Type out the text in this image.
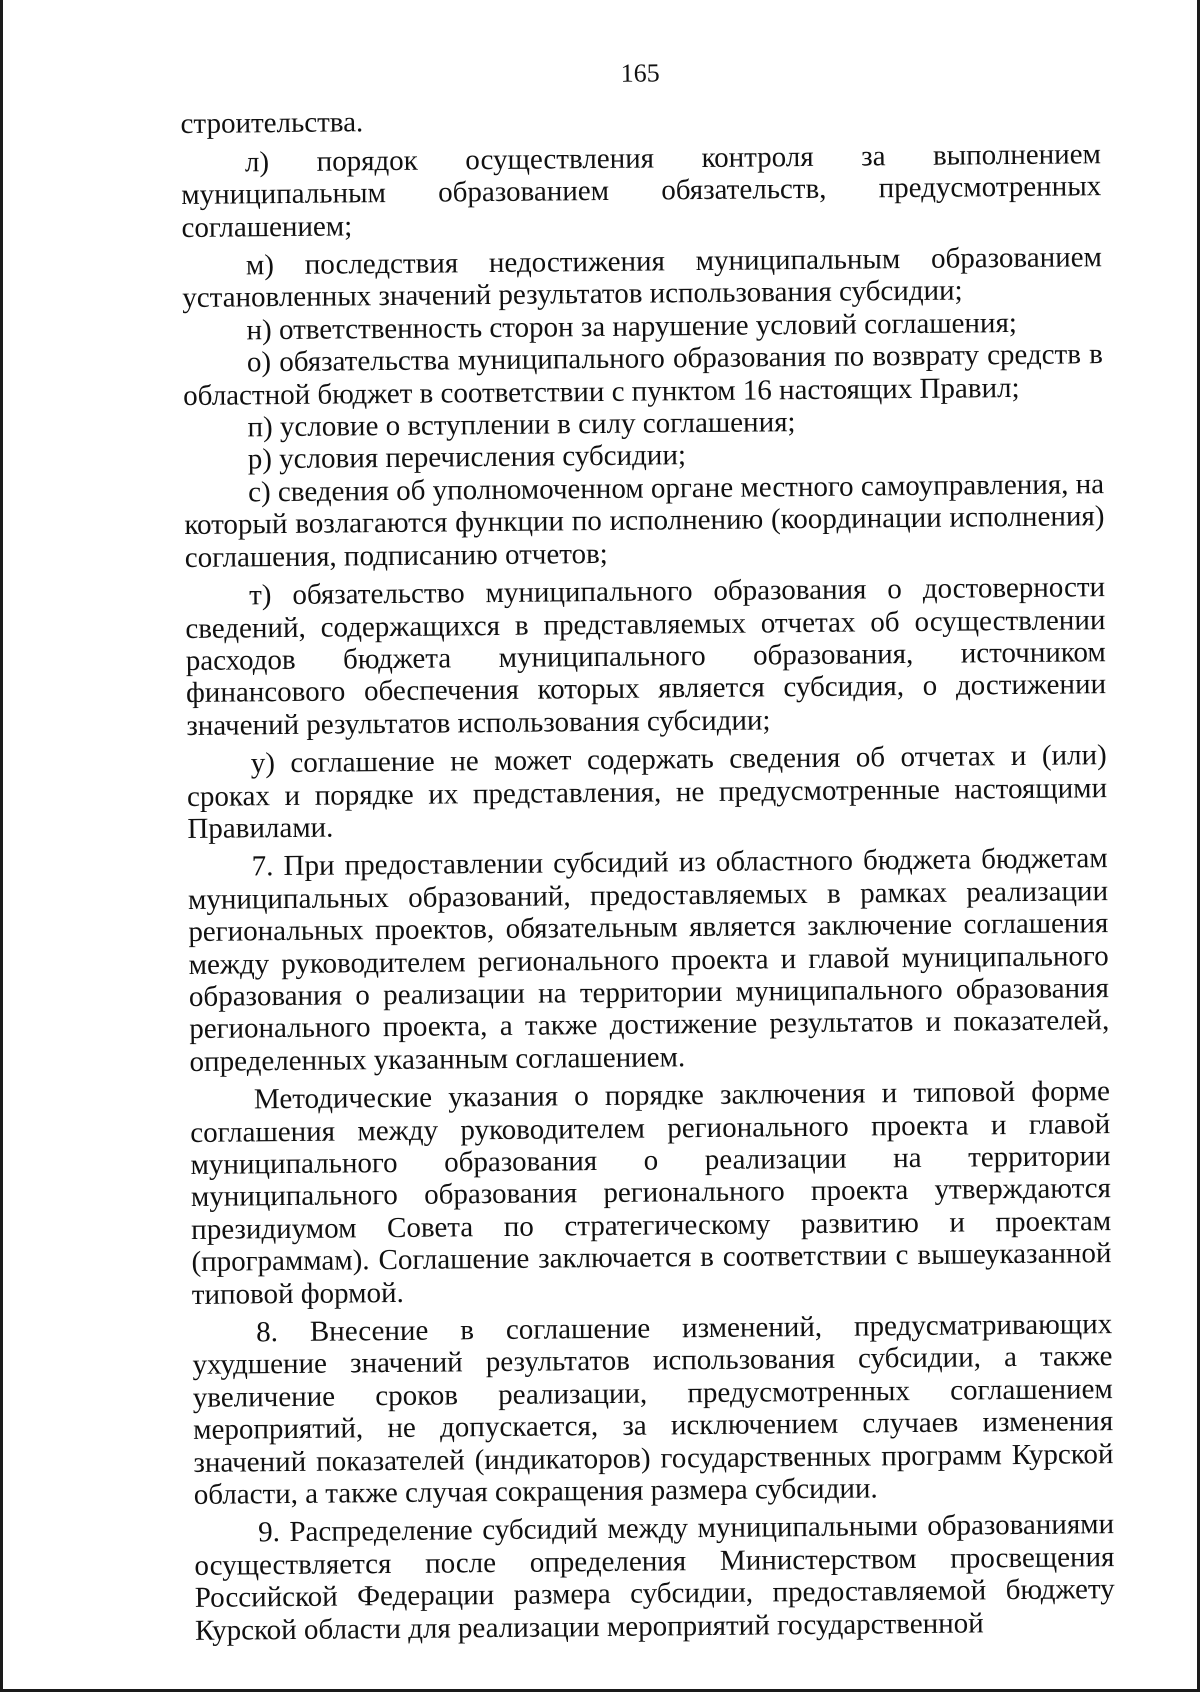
165

строительства.

л) порядок осуществления контроля за выполнением муниципальным образованием обязательств, предусмотренных соглашением;

м) последствия недостижения муниципальным образованием установленных значений результатов использования субсидии;

н) ответственность сторон за нарушение условий соглашения;

о) обязательства муниципального образования по возврату средств в областной бюджет в соответствии с пунктом 16 настоящих Правил;

п) условие о вступлении в силу соглашения;

р) условия перечисления субсидии;

с) сведения об уполномоченном органе местного самоуправления, на который возлагаются функции по исполнению (координации исполнения) соглашения, подписанию отчетов;

т) обязательство муниципального образования о достоверности сведений, содержащихся в представляемых отчетах об осуществлении расходов бюджета муниципального образования, источником финансового обеспечения которых является субсидия, о достижении значений результатов использования субсидии;

у) соглашение не может содержать сведения об отчетах и (или) сроках и порядке их представления, не предусмотренные настоящими Правилами.

7. При предоставлении субсидий из областного бюджета бюджетам муниципальных образований, предоставляемых в рамках реализации региональных проектов, обязательным является заключение соглашения между руководителем регионального проекта и главой муниципального образования о реализации на территории муниципального образования регионального проекта, а также достижение результатов и показателей, определенных указанным соглашением.

Методические указания о порядке заключения и типовой форме соглашения между руководителем регионального проекта и главой муниципального образования о реализации на территории муниципального образования регионального проекта утверждаются президиумом Совета по стратегическому развитию и проектам (программам). Соглашение заключается в соответствии с вышеуказанной типовой формой.

8. Внесение в соглашение изменений, предусматривающих ухудшение значений результатов использования субсидии, а также увеличение сроков реализации, предусмотренных соглашением мероприятий, не допускается, за исключением случаев изменения значений показателей (индикаторов) государственных программ Курской области, а также случая сокращения размера субсидии.

9. Распределение субсидий между муниципальными образованиями осуществляется после определения Министерством просвещения Российской Федерации размера субсидии, предоставляемой бюджету Курской области для реализации мероприятий государственной
